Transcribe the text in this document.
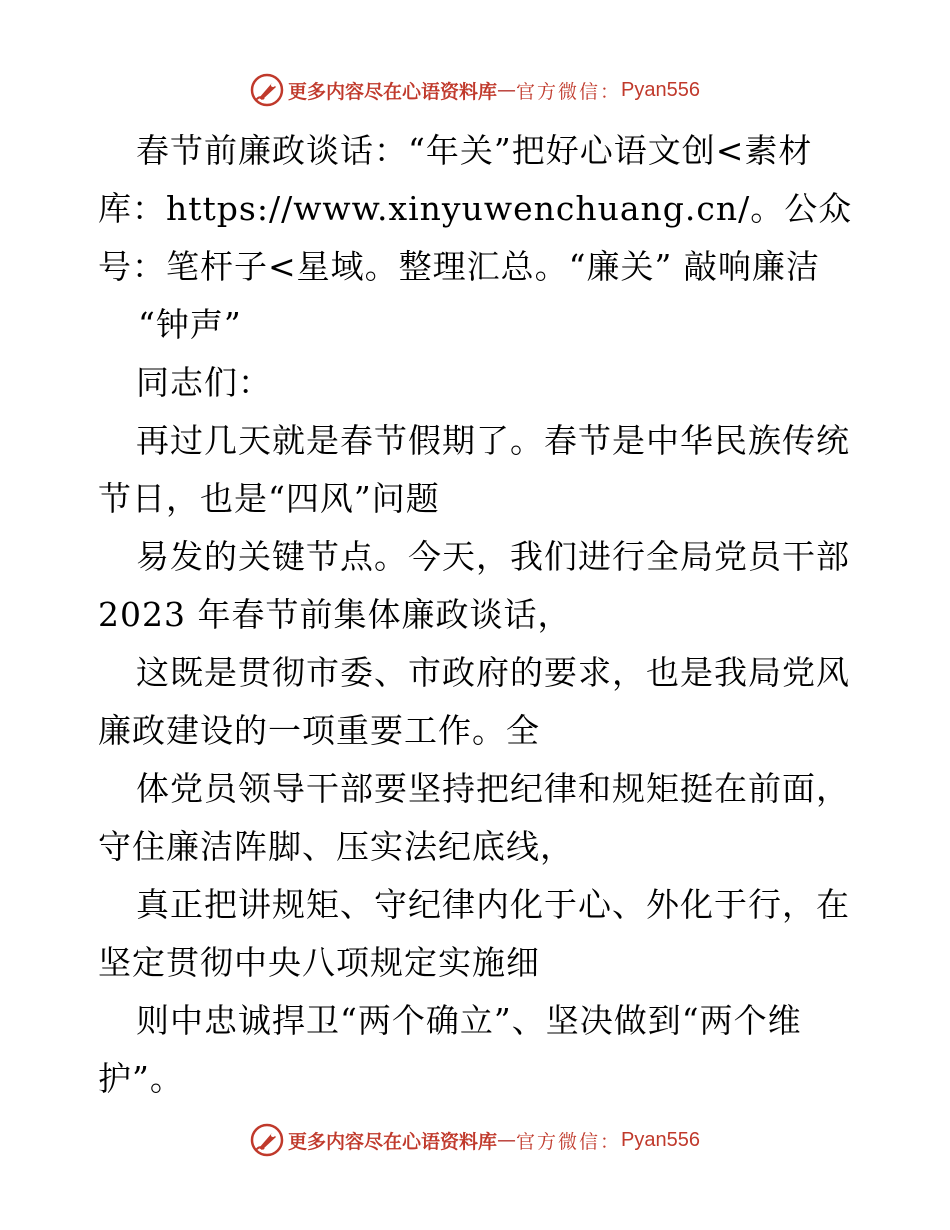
更多内容尽在心语资料库 — 官方微信： Pyan556

春节前廉政谈话：“年关”把好心语文创<素材库：https://www.xinyuwenchuang.cn/。公众号：笔杆子<星域。整理汇总。“廉关” 敲响廉洁

“钟声”

同志们：

再过几天就是春节假期了。春节是中华民族传统节日，也是“四风”问题

易发的关键节点。今天，我们进行全局党员干部2023 年春节前集体廉政谈话，

这既是贯彻市委、市政府的要求，也是我局党风廉政建设的一项重要工作。全

体党员领导干部要坚持把纪律和规矩挺在前面，守住廉洁阵脚、压实法纪底线，

真正把讲规矩、守纪律内化于心、外化于行，在坚定贯彻中央八项规定实施细

则中忠诚捍卫“两个确立”、坚决做到“两个维护”。

更多内容尽在心语资料库 — 官方微信： Pyan556
